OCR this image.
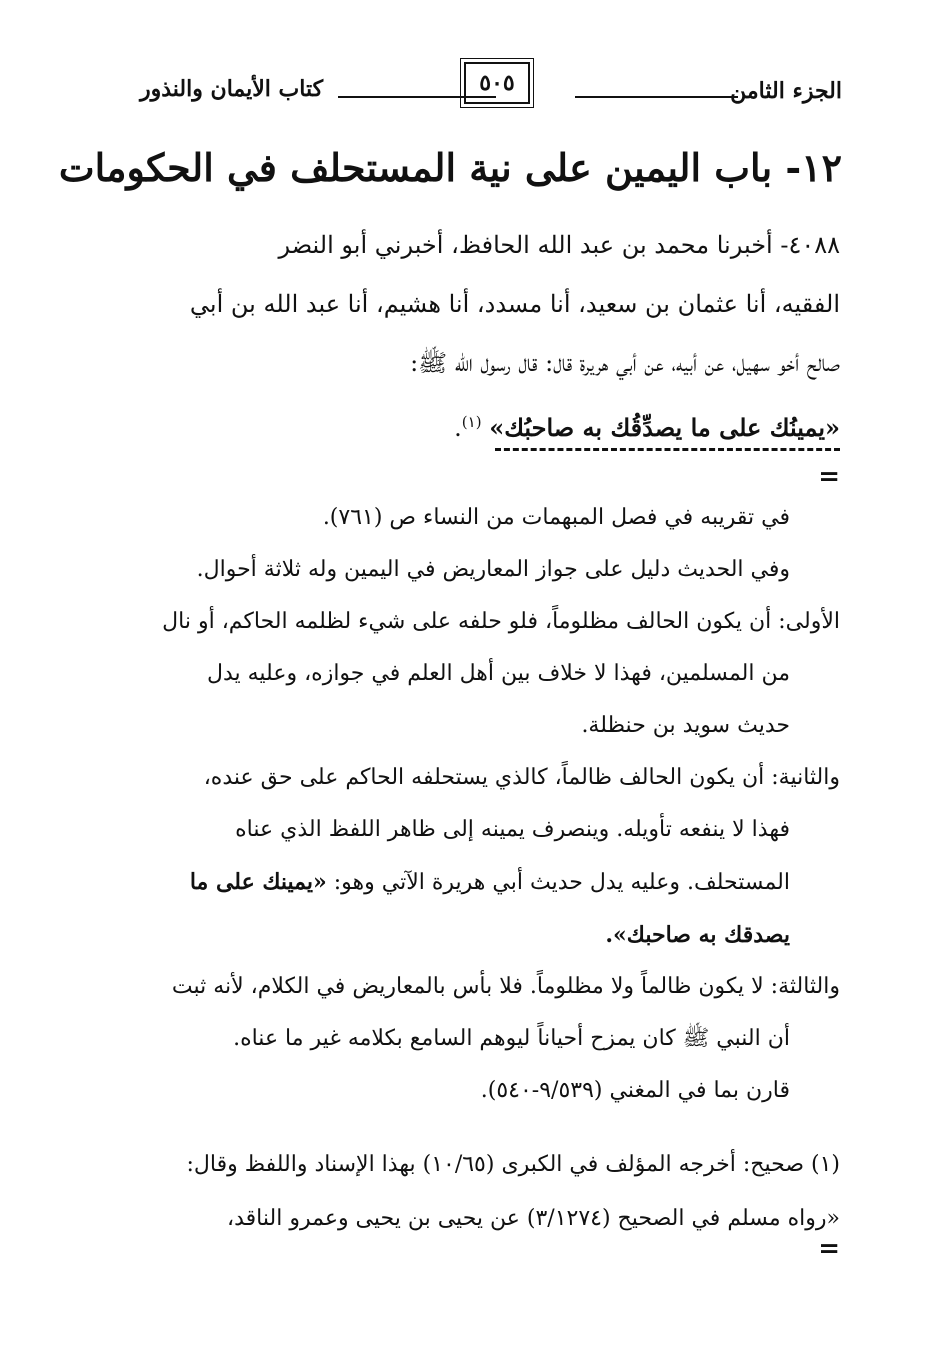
الجزء الثامن
٥٠٥
كتاب الأيمان والنذور
١٢- باب اليمين على نية المستحلف في الحكومات

٤٠٨٨- أخبرنا محمد بن عبد الله الحافظ، أخبرني أبو النضر

الفقيه، أنا عثمان بن سعيد، أنا مسدد، أنا هشيم، أنا عبد الله بن أبي

صالح أخو سهيل، عن أبيه، عن أبي هريرة قال: قال رسول الله ﷺ:

«يمينُك على ما يصدِّقُك به صاحبُك» $^{(١)}$.

=

في تقريبه في فصل المبهمات من النساء ص (٧٦١).

وفي الحديث دليل على جواز المعاريض في اليمين وله ثلاثة أحوال.

الأولى: أن يكون الحالف مظلوماً، فلو حلفه على شيء لظلمه الحاكم، أو نال

من المسلمين، فهذا لا خلاف بين أهل العلم في جوازه، وعليه يدل

حديث سويد بن حنظلة.

والثانية: أن يكون الحالف ظالماً، كالذي يستحلفه الحاكم على حق عنده،

فهذا لا ينفعه تأويله. وينصرف يمينه إلى ظاهر اللفظ الذي عناه

المستحلف. وعليه يدل حديث أبي هريرة الآتي وهو: «يمينك على ما

يصدقك به صاحبك».

والثالثة: لا يكون ظالماً ولا مظلوماً. فلا بأس بالمعاريض في الكلام، لأنه ثبت

أن النبي ﷺ كان يمزح أحياناً ليوهم السامع بكلامه غير ما عناه.

قارن بما في المغني (٩/٥٣٩-٥٤٠).

(١) صحيح: أخرجه المؤلف في الكبرى (١٠/٦٥) بهذا الإسناد واللفظ وقال:

«رواه مسلم في الصحيح (٣/١٢٧٤) عن يحيى بن يحيى وعمرو الناقد،

=
